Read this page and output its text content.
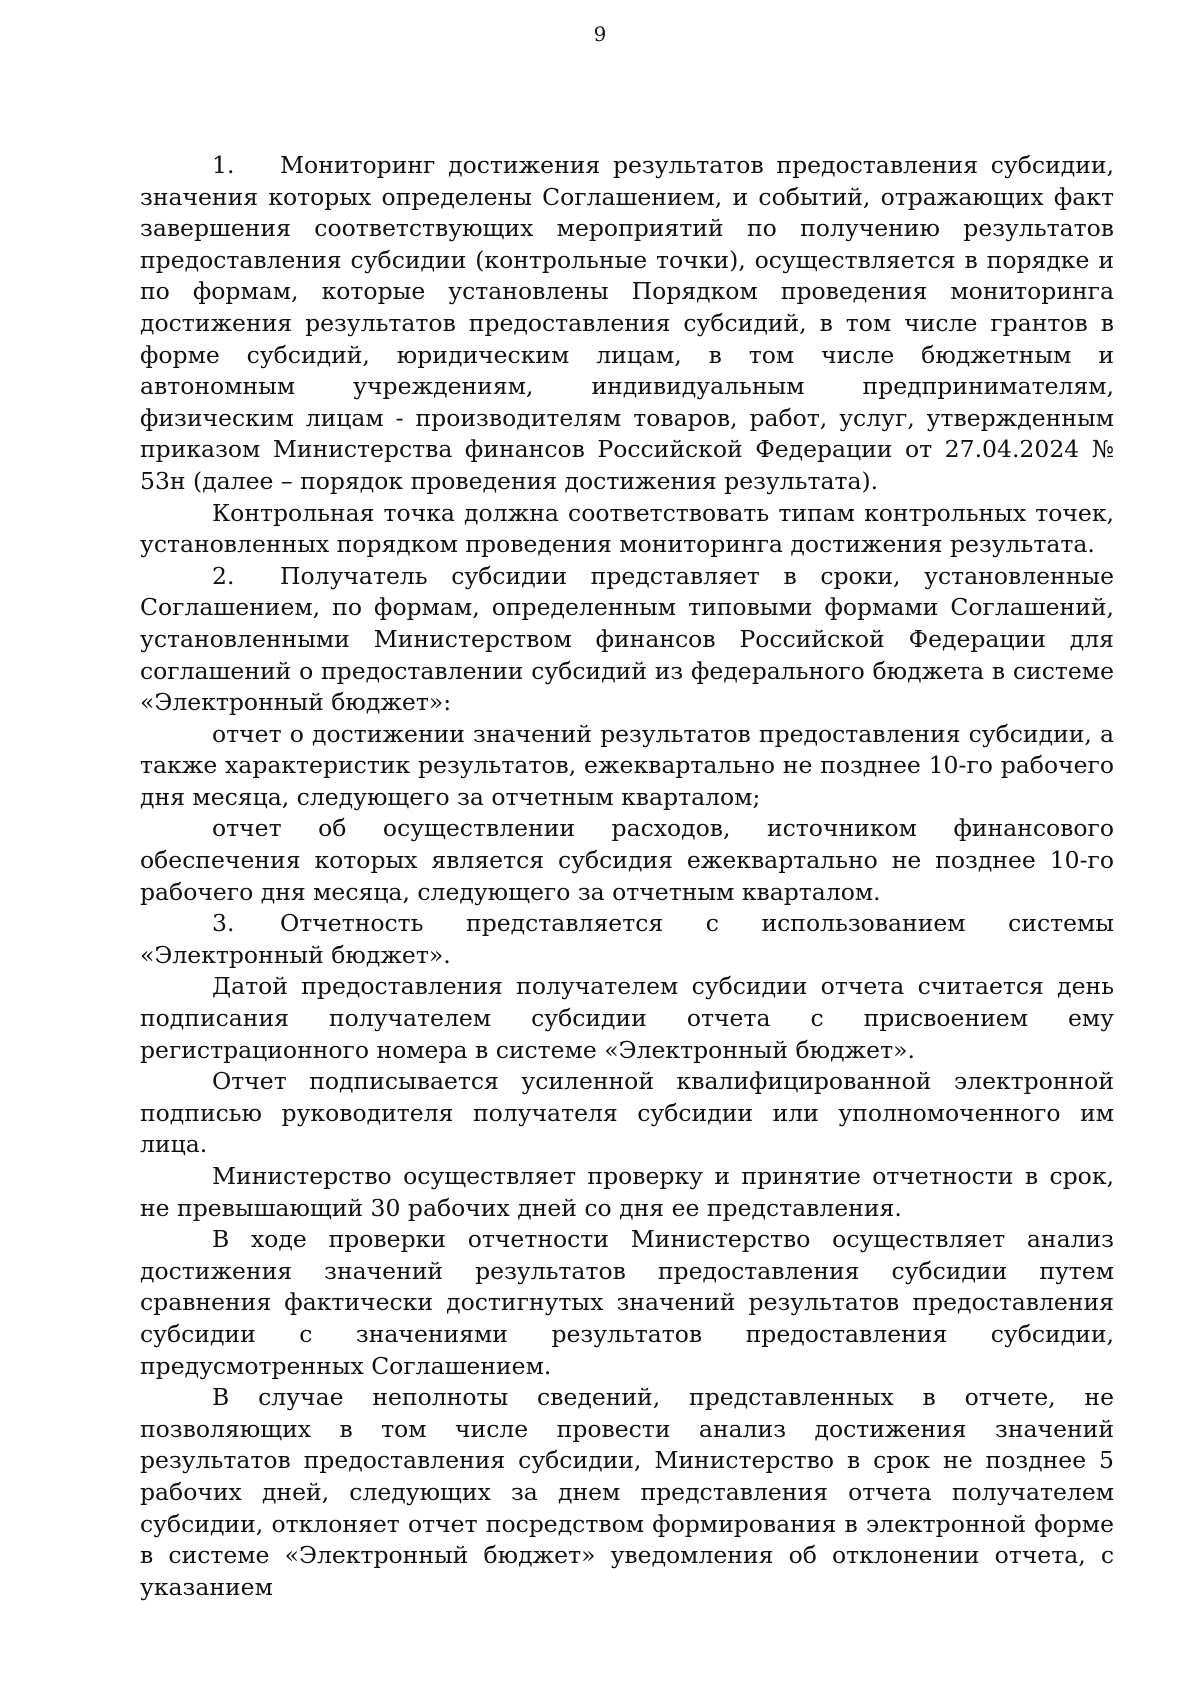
9

1. Мониторинг достижения результатов предоставления субсидии, значения которых определены Соглашением, и событий, отражающих факт завершения соответствующих мероприятий по получению результатов предоставления субсидии (контрольные точки), осуществляется в порядке и по формам, которые установлены Порядком проведения мониторинга достижения результатов предоставления субсидий, в том числе грантов в форме субсидий, юридическим лицам, в том числе бюджетным и автономным учреждениям, индивидуальным предпринимателям, физическим лицам - производителям товаров, работ, услуг, утвержденным приказом Министерства финансов Российской Федерации от 27.04.2024 № 53н (далее – порядок проведения достижения результата).

Контрольная точка должна соответствовать типам контрольных точек, установленных порядком проведения мониторинга достижения результата.

2. Получатель субсидии представляет в сроки, установленные Соглашением, по формам, определенным типовыми формами Соглашений, установленными Министерством финансов Российской Федерации для соглашений о предоставлении субсидий из федерального бюджета в системе «Электронный бюджет»:

отчет о достижении значений результатов предоставления субсидии, а также характеристик результатов, ежеквартально не позднее 10-го рабочего дня месяца, следующего за отчетным кварталом;

отчет об осуществлении расходов, источником финансового обеспечения которых является субсидия ежеквартально не позднее 10-го рабочего дня месяца, следующего за отчетным кварталом.

3. Отчетность представляется с использованием системы «Электронный бюджет».

Датой предоставления получателем субсидии отчета считается день подписания получателем субсидии отчета с присвоением ему регистрационного номера в системе «Электронный бюджет».

Отчет подписывается усиленной квалифицированной электронной подписью руководителя получателя субсидии или уполномоченного им лица.

Министерство осуществляет проверку и принятие отчетности в срок, не превышающий 30 рабочих дней со дня ее представления.

В ходе проверки отчетности Министерство осуществляет анализ достижения значений результатов предоставления субсидии путем сравнения фактически достигнутых значений результатов предоставления субсидии с значениями результатов предоставления субсидии, предусмотренных Соглашением.

В случае неполноты сведений, представленных в отчете, не позволяющих в том числе провести анализ достижения значений результатов предоставления субсидии, Министерство в срок не позднее 5 рабочих дней, следующих за днем представления отчета получателем субсидии, отклоняет отчет посредством формирования в электронной форме в системе «Электронный бюджет» уведомления об отклонении отчета, с указанием
